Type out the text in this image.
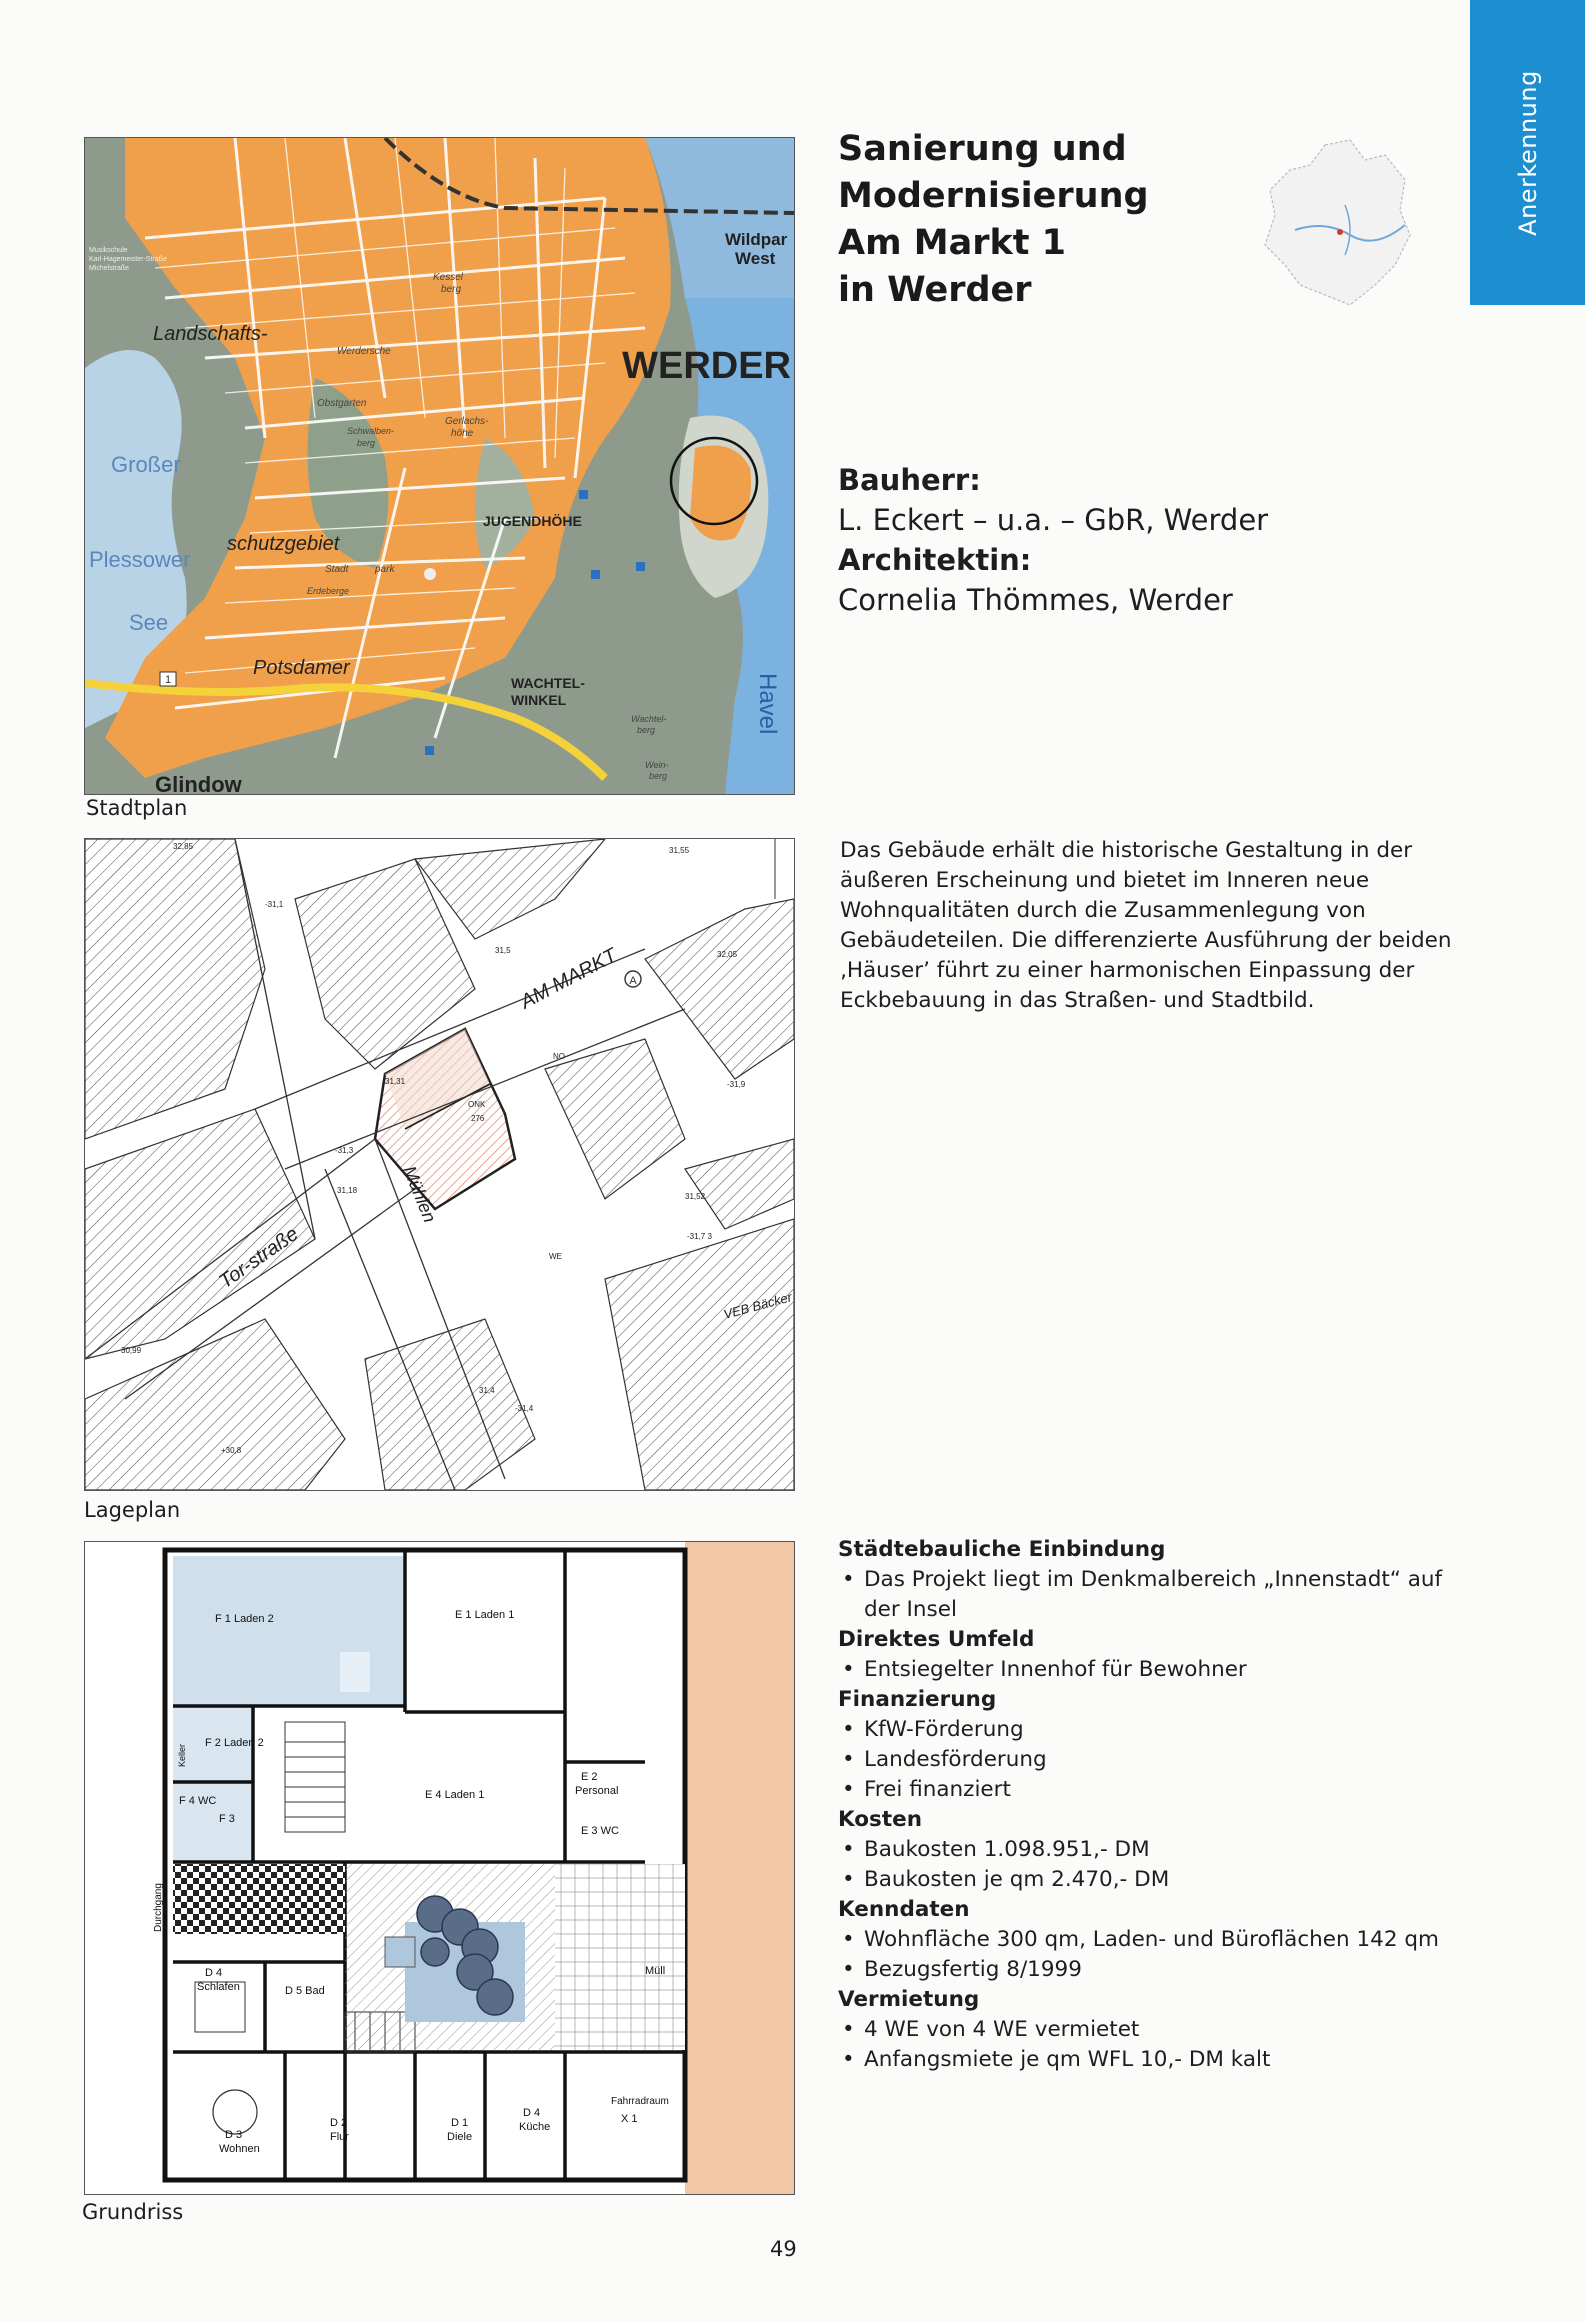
Anerkennung
Sanierung und
Modernisierung
Am Markt 1
in Werder
Bauherr:
L. Eckert – u.a. – GbR, Werder
Architektin:
Cornelia Thömmes, Werder

Das Gebäude erhält die historische Gestaltung in der äußeren Erscheinung und bietet im Inneren neue Wohnqualitäten durch die Zusammenlegung von Gebäudeteilen. Die differenzierte Ausführung der beiden ‚Häuser’ führt zu einer harmonischen Einpassung der Eckbebauung in das Straßen- und Stadtbild.

1
Musikschule
Karl-Hagemeister-Straße
Michelstraße
WERDER
Wildpar
West
Landschafts-
schutzgebiet
Großer
Plessower
See
Potsdamer
JUGENDHÖHE
WACHTEL-
WINKEL	Havel
Glindow
Kessel
berg
Werdersche
Obstgarten
Stadt	park
Erdeberge
Schwalben-
berg
Gerlachs-
höhe
Wachtel-
berg
Wein-
berg
Stadtplan
A
AM MARKT
Tor-straße
Mühlen
VEB Bäcker
32,85	31,55
31,5
-31,1
32,05
31,31
ONK
276
-31,3
31,18
31,52
-31,7 3
-31,4
30,99
+30,8
31,4
-31,9
WE
NO
Lageplan
F 1 Laden 2	E 1 Laden 1
F 2 Laden 2
F 4 WC
F 3
E 4 Laden 1
E 2
Personal
E 3 WC
Durchgang
D 4
Schlafen	D 5 Bad
D 3
Wohnen
D 2
Flur
D 1
Diele
D 4
Küche
Müll
Fahrradraum
X 1
Keller
Grundriss
Städtebauliche Einbindung
• Das Projekt liegt im Denkmalbereich „Innenstadt“ auf der Insel
Direktes Umfeld
• Entsiegelter Innenhof für Bewohner
Finanzierung
• KfW-Förderung
• Landesförderung
• Frei finanziert
Kosten
• Baukosten 1.098.951,- DM
• Baukosten je qm 2.470,- DM
Kenndaten
• Wohnfläche 300 qm, Laden- und Büroflächen 142 qm
• Bezugsfertig 8/1999
Vermietung
• 4 WE von 4 WE vermietet
• Anfangsmiete je qm WFL 10,- DM kalt
49
